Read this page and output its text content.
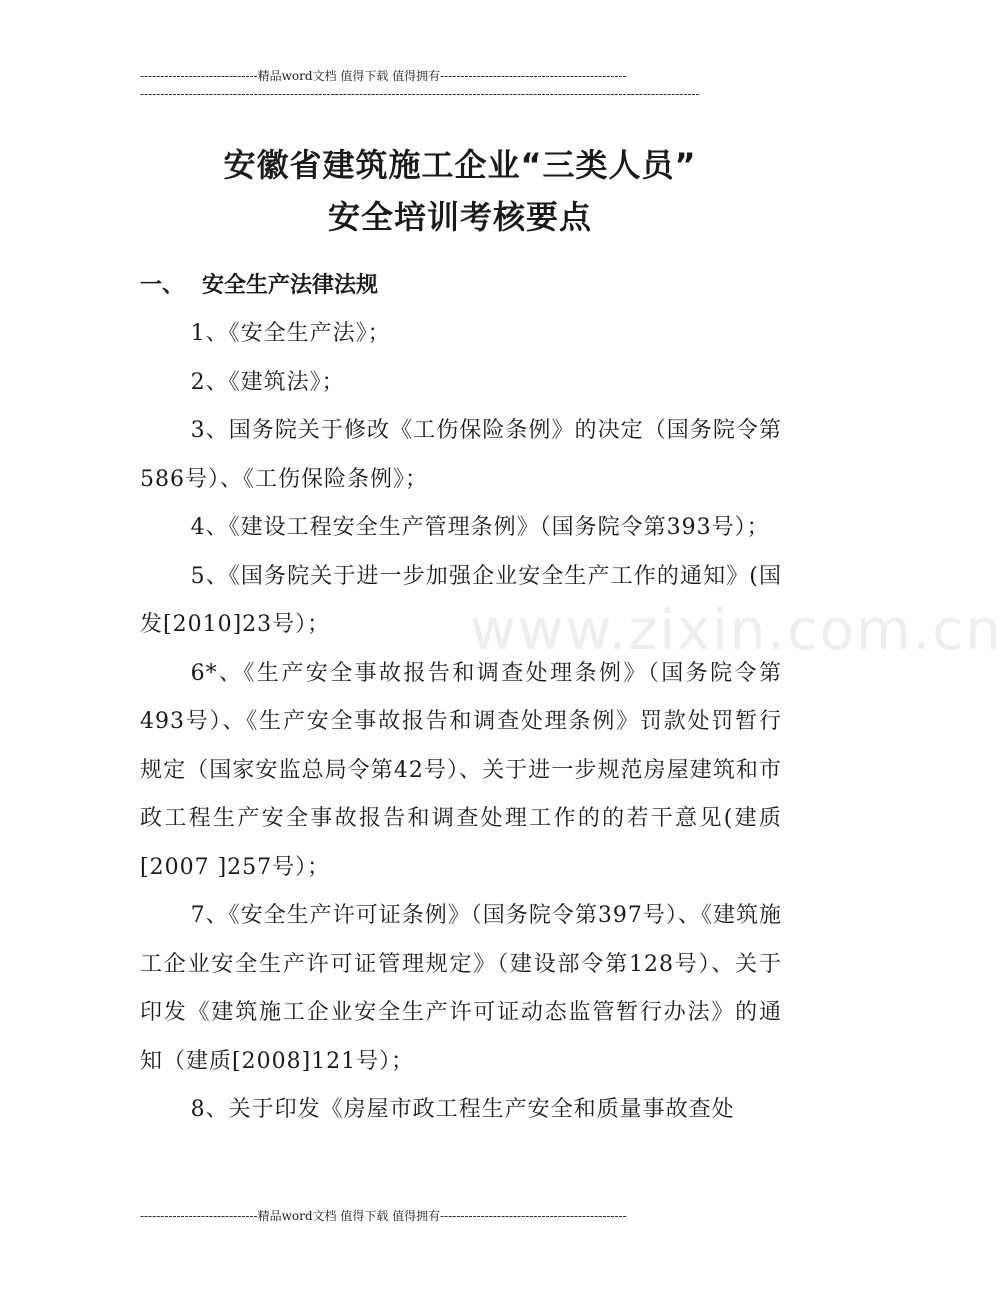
-----------------------------精品word文档 值得下载 值得拥有----------------------------------------------
------------------------------------------------------------------------------------------------------------------------------------------
安徽省建筑施工企业“三类人员”
安全培训考核要点
一、 安全生产法律法规
www.zixin.com.cn

1、《安全生产法》；

2、《建筑法》；

3、国务院关于修改《工伤保险条例》的决定（国务院令第586号）、《工伤保险条例》；

4、《建设工程安全生产管理条例》（国务院令第393号）；

5、《国务院关于进一步加强企业安全生产工作的通知》(国发[2010]23号）；

6*、《生产安全事故报告和调查处理条例》（国务院令第493号）、《生产安全事故报告和调查处理条例》罚款处罚暂行规定（国家安监总局令第42号）、关于进一步规范房屋建筑和市政工程生产安全事故报告和调查处理工作的的若干意见(建质[2007 ]257号）；

7、《安全生产许可证条例》（国务院令第397号）、《建筑施工企业安全生产许可证管理规定》（建设部令第128号）、关于印发《建筑施工企业安全生产许可证动态监管暂行办法》的通知（建质[2008]121号）；

8、关于印发《房屋市政工程生产安全和质量事故查处

-----------------------------精品word文档 值得下载 值得拥有----------------------------------------------
